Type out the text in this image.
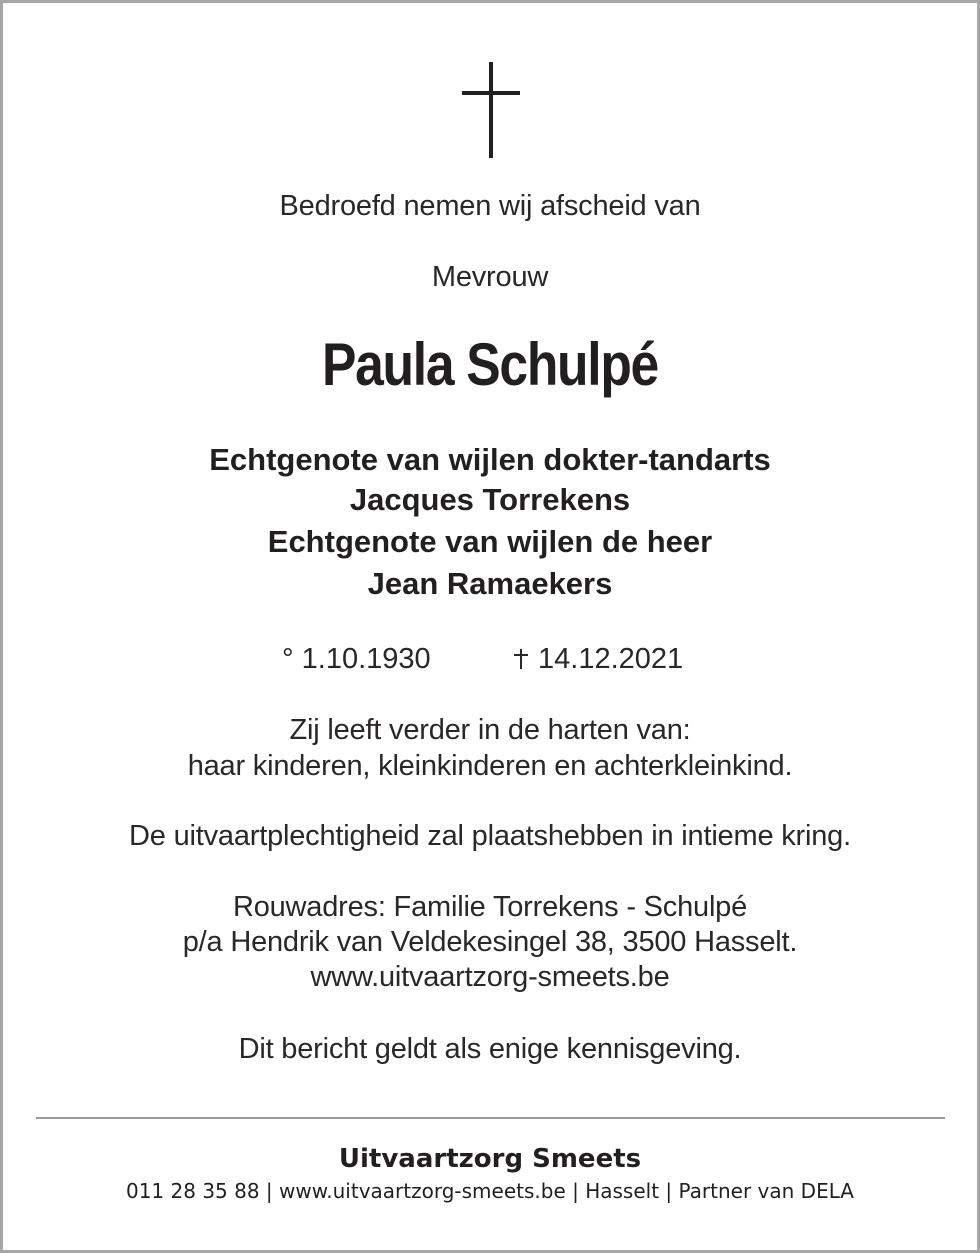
Bedroefd nemen wij afscheid van
Mevrouw
Paula Schulpé
Echtgenote van wijlen dokter-tandarts
Jacques Torrekens
Echtgenote van wijlen de heer
Jean Ramaekers
° 1.10.1930	14.12.2021
Zij leeft verder in de harten van:
haar kinderen, kleinkinderen en achterkleinkind.
De uitvaartplechtigheid zal plaatshebben in intieme kring.
Rouwadres: Familie Torrekens - Schulpé
p/a Hendrik van Veldekesingel 38, 3500 Hasselt.
www.uitvaartzorg-smeets.be
Dit bericht geldt als enige kennisgeving.
Uitvaartzorg Smeets
011 28 35 88 | www.uitvaartzorg-smeets.be | Hasselt | Partner van DELA
